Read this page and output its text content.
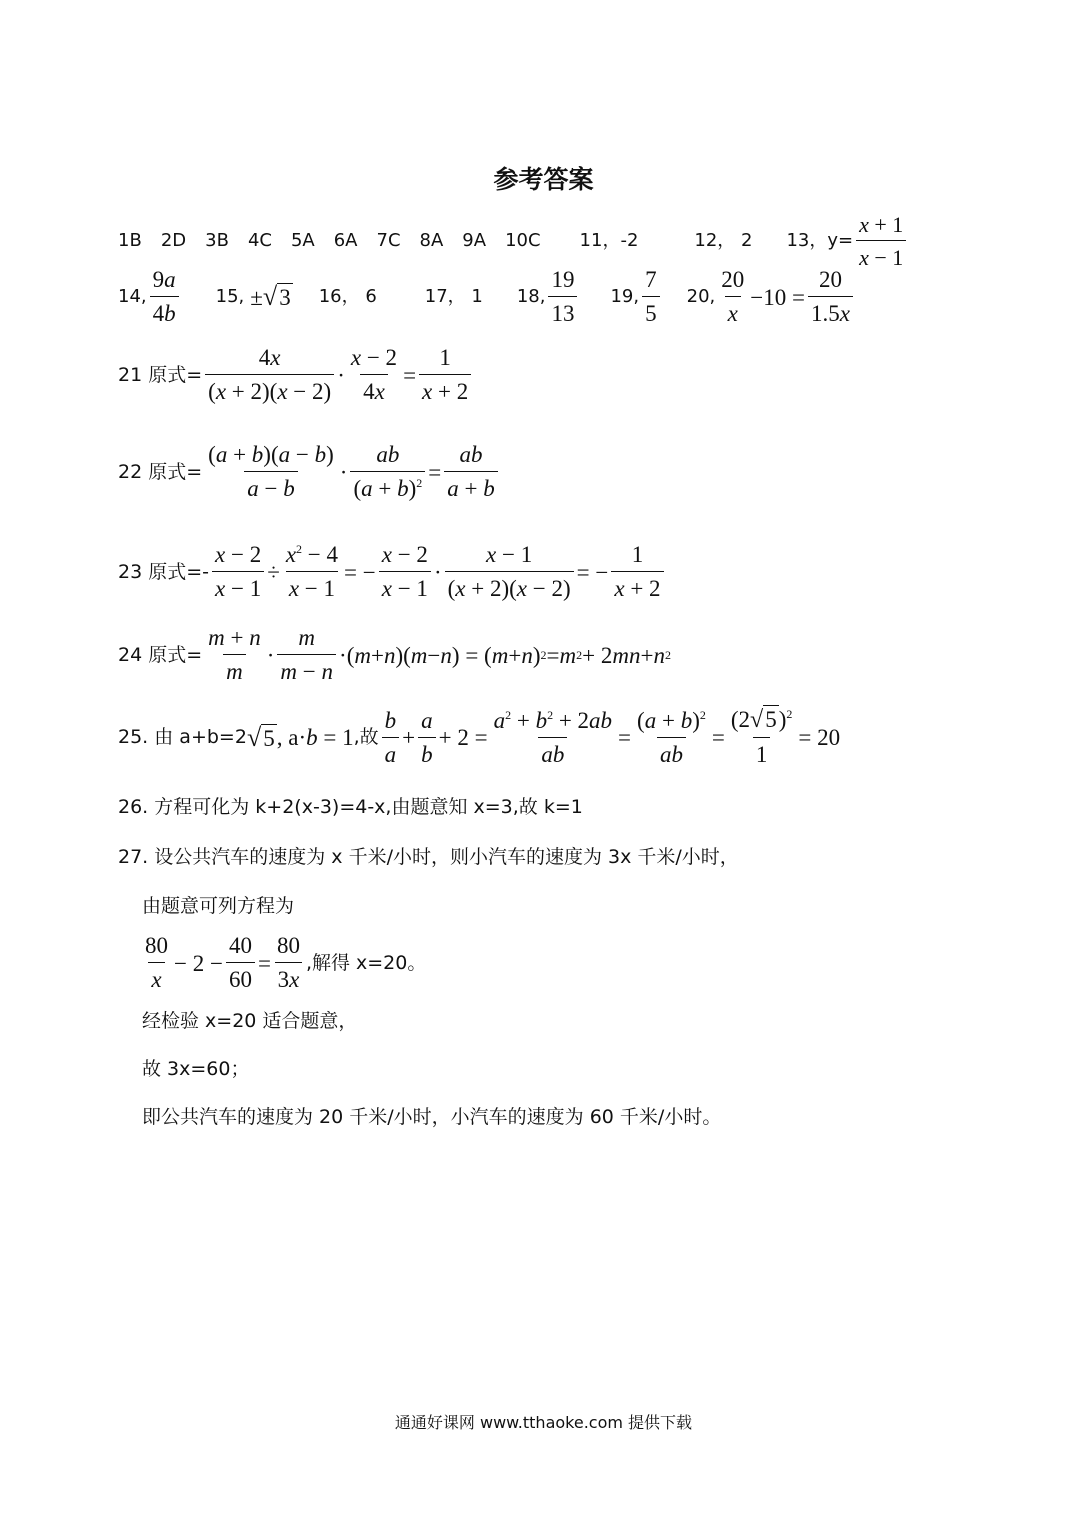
参考答案
1B 2D 3B 4C 5A 6A 7C 8A 9A 10C	11，-2	12， 2 13，$y= \frac{x + 1}{x - 1}$
14, $\frac{9a}{4b} 15$, ±√3 16， 6	17， 1 18, $\frac{19}{13} 19$, $\frac{7}{5} 20$, $\frac{20}{x} -10 = \frac{20}{1.5x}$
21 原式= $\frac{4x}{(x + 2)(x - 2)} \cdot \frac{x - 2}{4x} = \frac{1}{x + 2}$
22 原式= $\frac{(a + b)(a - b)}{a - b} \cdot \frac{ab}{(a + b)^2} = \frac{ab}{a + b}$
23 原式=- $\frac{x - 2}{x - 1} \div \frac{x^2 - 4}{x - 1}$ = − $\frac{x - 2}{x - 1} \cdot \frac{x - 1}{(x + 2)(x - 2)}$ = − $\frac{1}{x + 2}$
24 原式= $\frac{m + n}{m} \cdot \frac{m}{m - n}$ ·( m + n )( m − n ) = ( m + n ) 2 = m 2 + 2 mn + n 2
25. 由 a+b=2 √5 , a·b = 1 ,故 $\frac{b}{a} + \frac{a}{b} + 2 = \frac{a^2 + b^2 + 2ab}{ab} = \frac{(a + b)^2}{ab} = \frac{(2√5)^2}{1} = 20$
26. 方程可化为 k+2(x-3)=4-x,由题意知 x=3,故 k=1
27. 设公共汽车的速度为 x 千米/小时，则小汽车的速度为 3x 千米/小时，
由题意可列方程为
$\frac{80}{x} - 2 - \frac{40}{60} = \frac{80}{3x}$ ,解得 x=20。
经检验 x=20 适合题意，
故 3x=60；
即公共汽车的速度为 20 千米/小时，小汽车的速度为 60 千米/小时。
通通好课网 www.tthaoke.com 提供下载
